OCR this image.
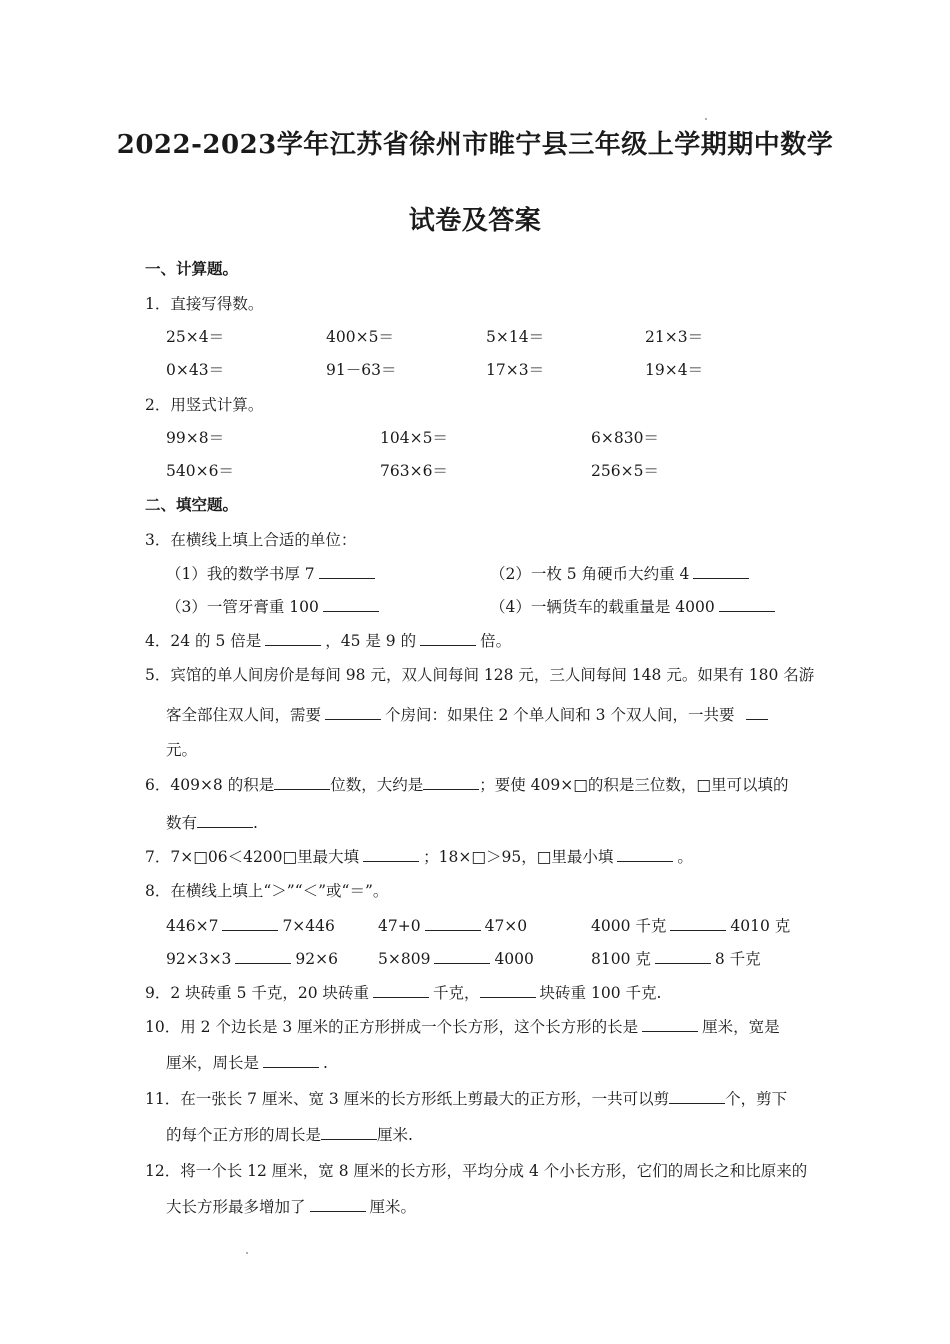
2022-2023学年江苏省徐州市睢宁县三年级上学期期中数学
试卷及答案
一、计算题。
1．直接写得数。
25×4＝	400×5＝	5×14＝	21×3＝
0×43＝	91－63＝	17×3＝	19×4＝
2．用竖式计算。
99×8＝	104×5＝	6×830＝
540×6＝	763×6＝	256×5＝
二、填空题。
3．在横线上填上合适的单位：
（1）我的数学书厚 7	（2）一枚 5 角硬币大约重 4
（3）一管牙膏重 100	（4）一辆货车的载重量是 4000
4．24 的 5 倍是	，45 是 9 的	倍。
5．宾馆的单人间房价是每间 98 元，双人间每间 128 元，三人间每间 148 元。如果有 180 名游
客全部住双人间，需要	个房间：如果住 2 个单人间和 3 个双人间，一共要
元。
6．409×8 的积是	位数，大约是	；要使 409×□的积是三位数，□里可以填的
数有	.
7．7×□06＜4200□里最大填	；18×□＞95，□里最小填	。
8．在横线上填上“＞”“＜”或“＝”。
446×7	7×446	47+0	47×0	4000 千克	4010 克
92×3×3	92×6	5×809	4000	8100 克	8 千克
9．2 块砖重 5 千克，20 块砖重	千克，	块砖重 100 千克.
10．用 2 个边长是 3 厘米的正方形拼成一个长方形，这个长方形的长是	厘米，宽是
厘米，周长是	.
11．在一张长 7 厘米、宽 3 厘米的长方形纸上剪最大的正方形，一共可以剪	个，剪下
的每个正方形的周长是	厘米.
12．将一个长 12 厘米，宽 8 厘米的长方形，平均分成 4 个小长方形，它们的周长之和比原来的
大长方形最多增加了	厘米。
